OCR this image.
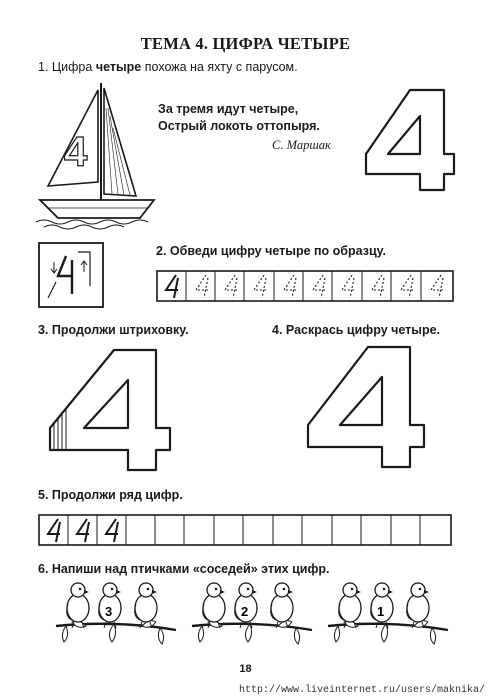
ТЕМА 4. ЦИФРА ЧЕТЫРЕ
1. Цифра четыре похожа на яхту с парусом.
4
За тремя идут четыре,
Острый локоть оттопыря.
С. Маршак
2. Обведи цифру четыре по образцу.
3. Продолжи штриховку.	4. Раскрась цифру четыре.
5. Продолжи ряд цифр.
6. Напиши над птичками «соседей» этих цифр.
3	2	1
18
http://www.liveinternet.ru/users/maknika/
